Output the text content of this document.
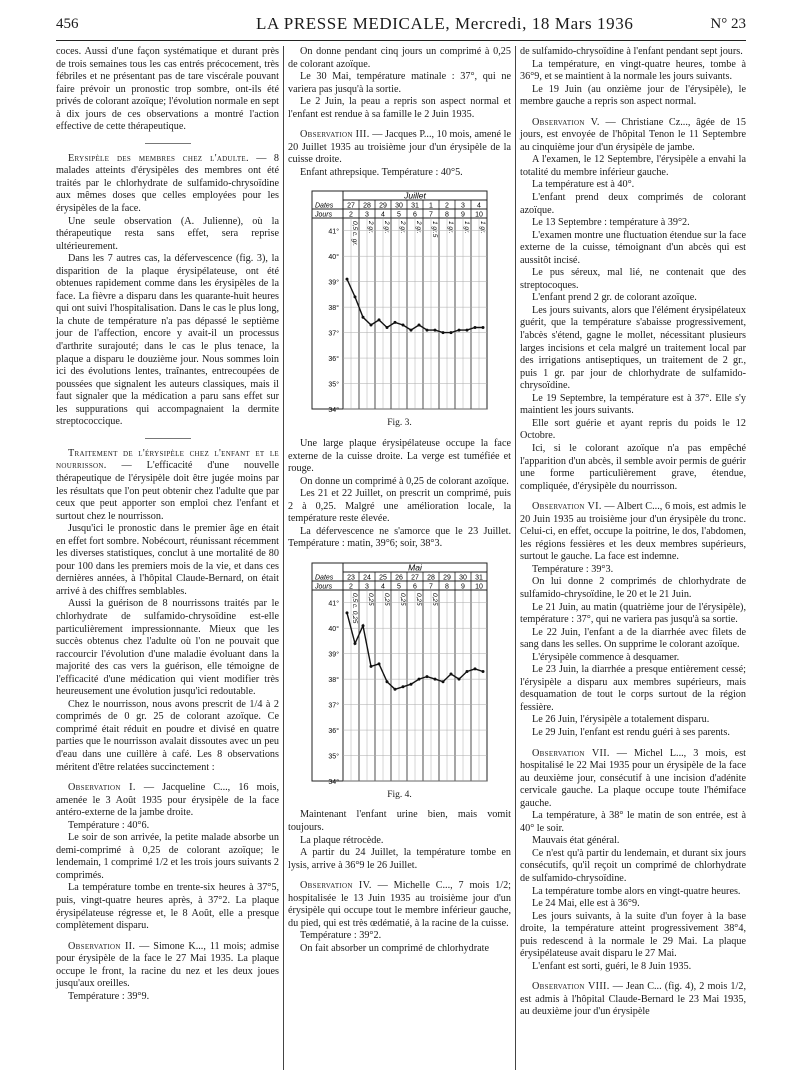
456	LA PRESSE MEDICALE, Mercredi, 18 Mars 1936	N° 23

coces. Aussi d'une façon systématique et durant près de trois semaines tous les cas entrés précocement, très fébriles et ne présentant pas de tare viscérale pouvant faire prévoir un pronostic trop sombre, ont-ils été privés de colorant azoïque; l'évolution normale en sept à dix jours de ces observations a montré l'action effective de cette thérapeutique.

Erysipèle des membres chez l'adulte. — 8 malades atteints d'érysipèles des membres ont été traités par le chlorhydrate de sulfamido-chrysoïdine aux mêmes doses que celles employées pour les érysipèles de la face.

Une seule observation (A. Julienne), où la thérapeutique resta sans effet, sera reprise ultérieurement.

Dans les 7 autres cas, la défervescence (fig. 3), la disparition de la plaque érysipélateuse, ont été obtenues rapidement comme dans les érysipèles de la face. La fièvre a disparu dans les quarante-huit heures qui ont suivi l'hospitalisation. Dans le cas le plus long, la chute de température n'a pas dépassé le septième jour de l'affection, encore y avait-il un processus d'arthrite surajouté; dans le cas le plus tenace, la plaque a disparu le douzième jour. Nous sommes loin ici des évolutions lentes, traînantes, entrecoupées de poussées que signalent les auteurs classiques, mais il faut signaler que la médication a paru sans effet sur les suppurations qui accompagnaient la dermite streptococcique.

Traitement de l'érysipèle chez l'enfant et le nourrisson. — L'efficacité d'une nouvelle thérapeutique de l'érysipèle doit être jugée moins par les résultats que l'on peut obtenir chez l'adulte que par ceux que peut apporter son emploi chez l'enfant et surtout chez le nourrisson.

Jusqu'ici le pronostic dans le premier âge en était en effet fort sombre. Nobécourt, réunissant récemment les diverses statistiques, conclut à une mortalité de 80 pour 100 dans les premiers mois de la vie, et dans ces dernières années, à l'hôpital Claude-Bernard, on était arrivé à des chiffres semblables.

Aussi la guérison de 8 nourrissons traités par le chlorhydrate de sulfamido-chrysoïdine est-elle particulièrement impressionnante. Mieux que les succès obtenus chez l'adulte où l'on ne pouvait que raccourcir l'évolution d'une maladie évoluant dans la majorité des cas vers la guérison, elle témoigne de l'efficacité d'une médication qui vient modifier très heureusement une évolution jusqu'ici redoutable.

Chez le nourrisson, nous avons prescrit de 1/4 à 2 comprimés de 0 gr. 25 de colorant azoïque. Ce comprimé était réduit en poudre et divisé en quatre parties que le nourrisson avalait dissoutes avec un peu d'eau dans une cuillère à café. Les 8 observations méritent d'être relatées succinctement :

Observation I. — Jacqueline C..., 16 mois, amenée le 3 Août 1935 pour érysipèle de la face antéro-externe de la jambe droite.

Température : 40°6.

Le soir de son arrivée, la petite malade absorbe un demi-comprimé à 0,25 de colorant azoïque; le lendemain, 1 comprimé 1/2 et les trois jours suivants 2 comprimés.

La température tombe en trente-six heures à 37°5, puis, vingt-quatre heures après, à 37°2. La plaque érysipélateuse régresse et, le 8 Août, elle a presque complètement disparu.

Observation II. — Simone K..., 11 mois; admise pour érysipèle de la face le 27 Mai 1935. La plaque occupe le front, la racine du nez et les deux joues jusqu'aux oreilles.

Température : 39°9.

On donne pendant cinq jours un comprimé à 0,25 de colorant azoïque.

Le 30 Mai, température matinale : 37°, qui ne variera pas jusqu'à la sortie.

Le 2 Juin, la peau a repris son aspect normal et l'enfant est rendue à sa famille le 2 Juin 1935.

Observation III. — Jacques P..., 10 mois, amené le 20 Juillet 1935 au troisième jour d'un érysipèle de la cuisse droite.

Enfant athrepsique. Température : 40°5.

Juillet
Dates
Jours
27
2
0,5 c. gr.
28
3
2 gr.
29
4
2 gr.
30
5
2 gr.
31
6
2 gr.
1
7
1 gr.5
2
8
1 gr.
3
9
1 gr.
4
10
1 gr.
41°
40°
39°
38°
37°
36°
35°
34°
Fig. 3.

Une large plaque érysipélateuse occupe la face externe de la cuisse droite. La verge est tuméfiée et rouge.

On donne un comprimé à 0,25 de colorant azoïque.

Les 21 et 22 Juillet, on prescrit un comprimé, puis 2 à 0,25. Malgré une amélioration locale, la température reste élevée.

La défervescence ne s'amorce que le 23 Juillet. Température : matin, 39°6; soir, 38°3.

Mai
Dates
Jours
23
2
0,5 c. 0,25
24
3
0,25
25
4
0,25
26
5
0,25
27
6
0,25
28
7
0,25
29
8
30
9
31
10
41°
40°
39°
38°
37°
36°
35°
34°
Fig. 4.

Maintenant l'enfant urine bien, mais vomit toujours.

La plaque rétrocède.

A partir du 24 Juillet, la température tombe en lysis, arrive à 36°9 le 26 Juillet.

Observation IV. — Michelle C..., 7 mois 1/2; hospitalisée le 13 Juin 1935 au troisième jour d'un érysipèle qui occupe tout le membre inférieur gauche, du pied, qui est très œdématié, à la racine de la cuisse.

Température : 39°2.

On fait absorber un comprimé de chlorhydrate

de sulfamido-chrysoïdine à l'enfant pendant sept jours.

La température, en vingt-quatre heures, tombe à 36°9, et se maintient à la normale les jours suivants.

Le 19 Juin (au onzième jour de l'érysipèle), le membre gauche a repris son aspect normal.

Observation V. — Christiane Cz..., âgée de 15 jours, est envoyée de l'hôpital Tenon le 11 Septembre au cinquième jour d'un érysipèle de jambe.

A l'examen, le 12 Septembre, l'érysipèle a envahi la totalité du membre inférieur gauche.

La température est à 40°.

L'enfant prend deux comprimés de colorant azoïque.

Le 13 Septembre : température à 39°2.

L'examen montre une fluctuation étendue sur la face externe de la cuisse, témoignant d'un abcès qui est aussitôt incisé.

Le pus séreux, mal lié, ne contenait que des streptocoques.

L'enfant prend 2 gr. de colorant azoïque.

Les jours suivants, alors que l'élément érysipélateux guérit, que la température s'abaisse progressivement, l'abcès s'étend, gagne le mollet, nécessitant plusieurs larges incisions et cela malgré un traitement local par des irrigations antiseptiques, un traitement de 2 gr., puis 1 gr. par jour de chlorhydrate de sulfamido-chrysoïdine.

Le 19 Septembre, la température est à 37°. Elle s'y maintient les jours suivants.

Elle sort guérie et ayant repris du poids le 12 Octobre.

Ici, si le colorant azoïque n'a pas empêché l'apparition d'un abcès, il semble avoir permis de guérir une forme particulièrement grave, étendue, compliquée, d'érysipèle du nourrisson.

Observation VI. — Albert C..., 6 mois, est admis le 20 Juin 1935 au troisième jour d'un érysipèle du tronc. Celui-ci, en effet, occupe la poitrine, le dos, l'abdomen, les régions fessières et les deux membres supérieurs, surtout le gauche. La face est indemne.

Température : 39°3.

On lui donne 2 comprimés de chlorhydrate de sulfamido-chrysoïdine, le 20 et le 21 Juin.

Le 21 Juin, au matin (quatrième jour de l'érysipèle), température : 37°, qui ne variera pas jusqu'à sa sortie.

Le 22 Juin, l'enfant a de la diarrhée avec filets de sang dans les selles. On supprime le colorant azoïque.

L'érysipèle commence à desquamer.

Le 23 Juin, la diarrhée a presque entièrement cessé; l'érysipèle a disparu aux membres supérieurs, mais desquamation de tout le corps surtout de la région fessière.

Le 26 Juin, l'érysipèle a totalement disparu.

Le 29 Juin, l'enfant est rendu guéri à ses parents.

Observation VII. — Michel L..., 3 mois, est hospitalisé le 22 Mai 1935 pour un érysipèle de la face au deuxième jour, consécutif à une incision d'adénite cervicale gauche. La plaque occupe toute l'hémiface gauche.

La température, à 38° le matin de son entrée, est à 40° le soir.

Mauvais état général.

Ce n'est qu'à partir du lendemain, et durant six jours consécutifs, qu'il reçoit un comprimé de chlorhydrate de sulfamido-chrysoïdine.

La température tombe alors en vingt-quatre heures.

Le 24 Mai, elle est à 36°9.

Les jours suivants, à la suite d'un foyer à la base droite, la température atteint progressivement 38°4, puis redescend à la normale le 29 Mai. La plaque érysipélateuse avait disparu le 27 Mai.

L'enfant est sorti, guéri, le 8 Juin 1935.

Observation VIII. — Jean C... (fig. 4), 2 mois 1/2, est admis à l'hôpital Claude-Bernard le 23 Mai 1935, au deuxième jour d'un érysipèle
